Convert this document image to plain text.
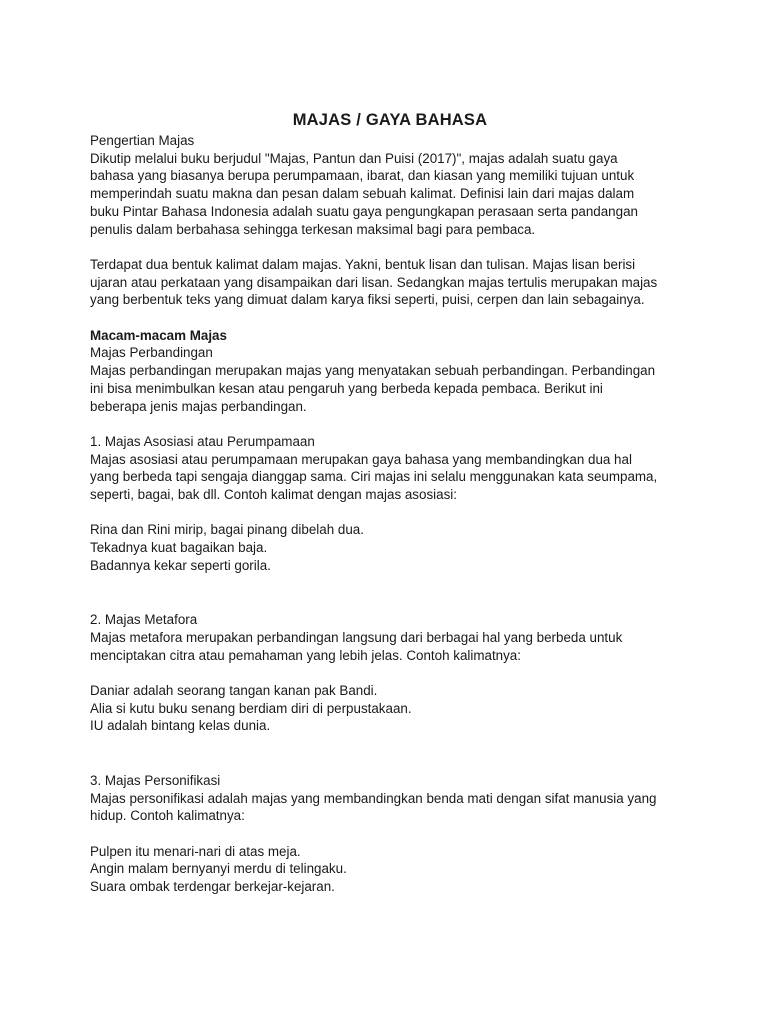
MAJAS / GAYA BAHASA
Pengertian Majas
Dikutip melalui buku berjudul "Majas, Pantun dan Puisi (2017)", majas adalah suatu gaya
bahasa yang biasanya berupa perumpamaan, ibarat, dan kiasan yang memiliki tujuan untuk
memperindah suatu makna dan pesan dalam sebuah kalimat. Definisi lain dari majas dalam
buku Pintar Bahasa Indonesia adalah suatu gaya pengungkapan perasaan serta pandangan
penulis dalam berbahasa sehingga terkesan maksimal bagi para pembaca.
Terdapat dua bentuk kalimat dalam majas. Yakni, bentuk lisan dan tulisan. Majas lisan berisi
ujaran atau perkataan yang disampaikan dari lisan. Sedangkan majas tertulis merupakan majas
yang berbentuk teks yang dimuat dalam karya fiksi seperti, puisi, cerpen dan lain sebagainya.
Macam-macam Majas
Majas Perbandingan
Majas perbandingan merupakan majas yang menyatakan sebuah perbandingan. Perbandingan
ini bisa menimbulkan kesan atau pengaruh yang berbeda kepada pembaca. Berikut ini
beberapa jenis majas perbandingan.
1. Majas Asosiasi atau Perumpamaan
Majas asosiasi atau perumpamaan merupakan gaya bahasa yang membandingkan dua hal
yang berbeda tapi sengaja dianggap sama. Ciri majas ini selalu menggunakan kata seumpama,
seperti, bagai, bak dll. Contoh kalimat dengan majas asosiasi:
Rina dan Rini mirip, bagai pinang dibelah dua.
Tekadnya kuat bagaikan baja.
Badannya kekar seperti gorila.
2. Majas Metafora
Majas metafora merupakan perbandingan langsung dari berbagai hal yang berbeda untuk
menciptakan citra atau pemahaman yang lebih jelas. Contoh kalimatnya:
Daniar adalah seorang tangan kanan pak Bandi.
Alia si kutu buku senang berdiam diri di perpustakaan.
IU adalah bintang kelas dunia.
3. Majas Personifikasi
Majas personifikasi adalah majas yang membandingkan benda mati dengan sifat manusia yang
hidup. Contoh kalimatnya:
Pulpen itu menari-nari di atas meja.
Angin malam bernyanyi merdu di telingaku.
Suara ombak terdengar berkejar-kejaran.
